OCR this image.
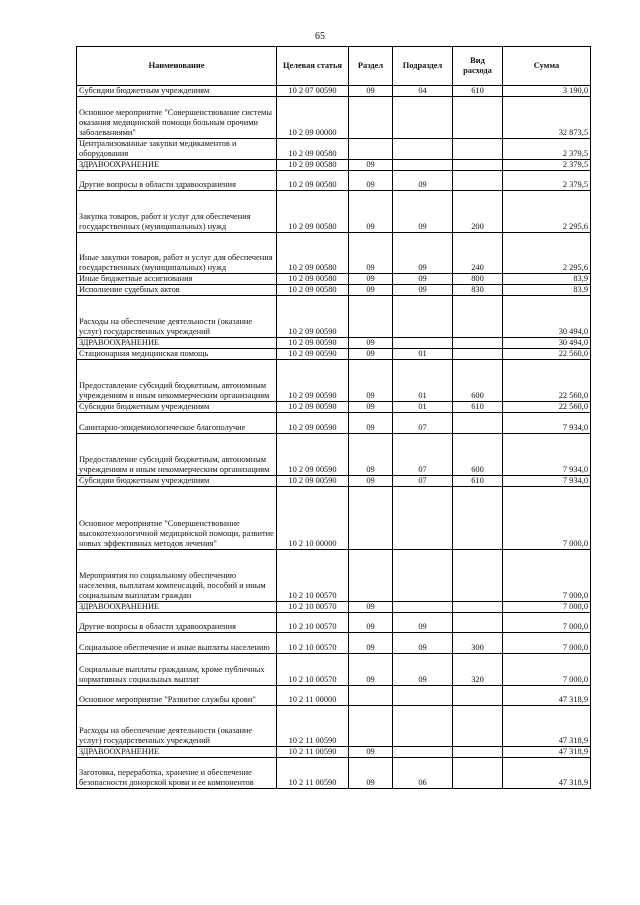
65
Наименование	Целевая статья	Раздел	Подраздел	Вид расхода	Сумма
Субсидии бюджетным учреждениям	10 2 07 00590	09	04	610	3 190,0
Основное мероприятие "Совершенствование системы оказания медицинской помощи больным прочими заболеваниями"	10 2 09 00000				32 873,5
Централизованные закупки медикаментов и оборудования	10 2 09 00580				2 379,5
ЗДРАВООХРАНЕНИЕ	10 2 09 00580	09			2 379,5
Другие вопросы в области здравоохранения	10 2 09 00580	09	09		2 379,5
Закупка товаров, работ и услуг для обеспечения государственных (муниципальных) нужд	10 2 09 00580	09	09	200	2 295,6
Иные закупки товаров, работ и услуг для обеспечения государственных (муниципальных) нужд	10 2 09 00580	09	09	240	2 295,6
Иные бюджетные ассигнования	10 2 09 00580	09	09	800	83,9
Исполнение судебных актов	10 2 09 00580	09	09	830	83,9
Расходы на обеспечение деятельности (оказание услуг) государственных учреждений	10 2 09 00590				30 494,0
ЗДРАВООХРАНЕНИЕ	10 2 09 00590	09			30 494,0
Стационарная медицинская помощь	10 2 09 00590	09	01		22 560,0
Предоставление субсидий бюджетным, автономным учреждениям и иным некоммерческим организациям	10 2 09 00590	09	01	600	22 560,0
Субсидии бюджетным учреждениям	10 2 09 00590	09	01	610	22 560,0
Санитарно-эпидемиологическое благополучие	10 2 09 00590	09	07		7 934,0
Предоставление субсидий бюджетным, автономным учреждениям и иным некоммерческим организациям	10 2 09 00590	09	07	600	7 934,0
Субсидии бюджетным учреждениям	10 2 09 00590	09	07	610	7 934,0
Основное мероприятие "Совершенствование высокотехнологичной медицинской помощи, развитие новых эффективных методов лечения"	10 2 10 00000				7 000,0
Мероприятия по социальному обеспечению населения, выплатам компенсаций, пособий и иным социальным выплатам граждан	10 2 10 00570				7 000,0
ЗДРАВООХРАНЕНИЕ	10 2 10 00570	09			7 000,0
Другие вопросы в области здравоохранения	10 2 10 00570	09	09		7 000,0
Социальное обеспечение и иные выплаты населению	10 2 10 00570	09	09	300	7 000,0
Социальные выплаты гражданам, кроме публичных нормативных социальных выплат	10 2 10 00570	09	09	320	7 000,0
Основное мероприятие "Развитие службы крови"	10 2 11 00000				47 318,9
Расходы на обеспечение деятельности (оказание услуг) государственных учреждений	10 2 11 00590				47 318,9
ЗДРАВООХРАНЕНИЕ	10 2 11 00590	09			47 318,9
Заготовка, переработка, хранение и обеспечение безопасности донорской крови и ее компонентов	10 2 11 00590	09	06		47 318,9
